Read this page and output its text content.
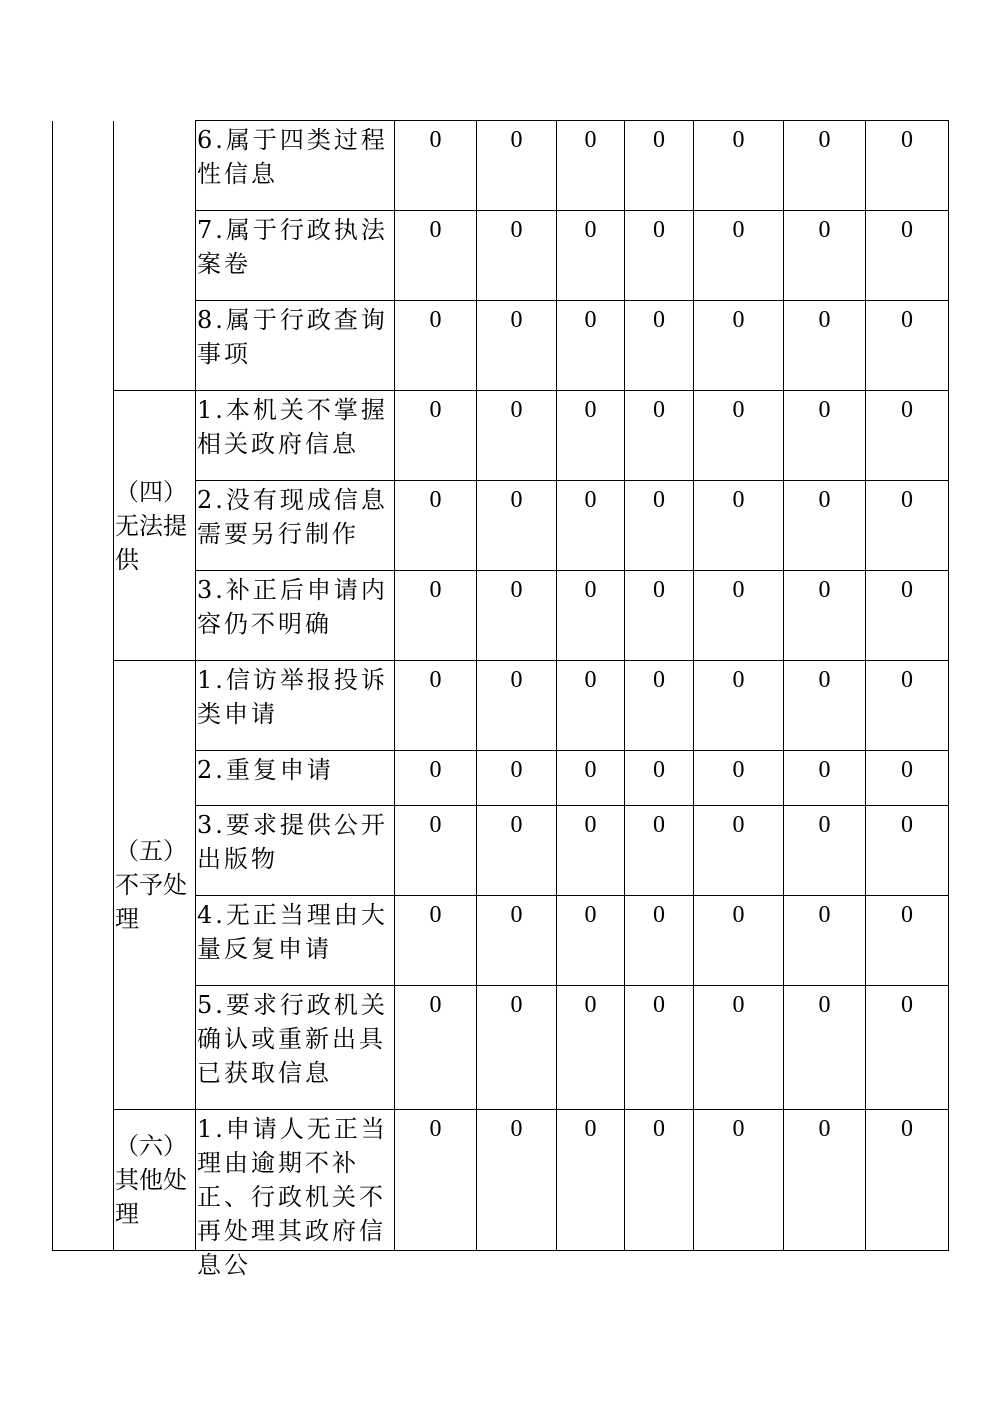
		6.属于四类过程性信息	0	0	0	0	0	0	0
		7.属于行政执法案卷	0	0	0	0	0	0	0
		8.属于行政查询事项	0	0	0	0	0	0	0
	（四）无法提供	1.本机关不掌握相关政府信息	0	0	0	0	0	0	0
		2.没有现成信息需要另行制作	0	0	0	0	0	0	0
		3.补正后申请内容仍不明确	0	0	0	0	0	0	0
	（五）不予处理	1.信访举报投诉类申请	0	0	0	0	0	0	0
		2.重复申请	0	0	0	0	0	0	0
		3.要求提供公开出版物	0	0	0	0	0	0	0
		4.无正当理由大量反复申请	0	0	0	0	0	0	0
		5.要求行政机关确认或重新出具已获取信息	0	0	0	0	0	0	0
	（六）其他处理	1.申请人无正当理由逾期不补正、行政机关不再处理其政府信息公	0	0	0	0	0	0	0
